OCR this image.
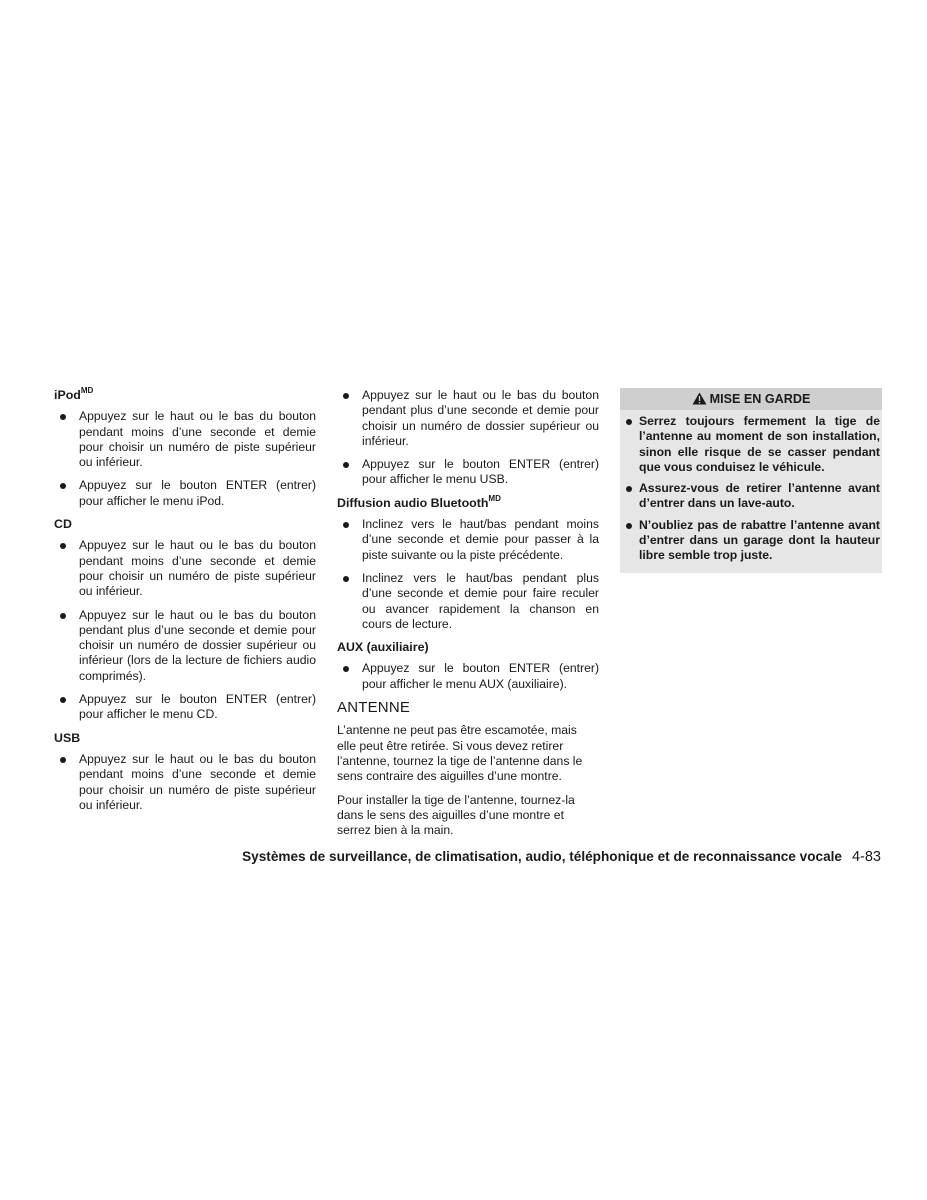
iPod$^{MD}$
Appuyez sur le haut ou le bas du bouton pendant moins d’une seconde et demie pour choisir un numéro de piste supérieur ou inférieur.
Appuyez sur le bouton ENTER (entrer) pour afficher le menu iPod.
CD
Appuyez sur le haut ou le bas du bouton pendant moins d’une seconde et demie pour choisir un numéro de piste supérieur ou inférieur.
Appuyez sur le haut ou le bas du bouton pendant plus d’une seconde et demie pour choisir un numéro de dossier supérieur ou inférieur (lors de la lecture de fichiers audio comprimés).
Appuyez sur le bouton ENTER (entrer) pour afficher le menu CD.
USB
Appuyez sur le haut ou le bas du bouton pendant moins d’une seconde et demie pour choisir un numéro de piste supérieur ou inférieur.
Appuyez sur le haut ou le bas du bouton pendant plus d’une seconde et demie pour choisir un numéro de dossier supérieur ou inférieur.
Appuyez sur le bouton ENTER (entrer) pour afficher le menu USB.
Diffusion audio Bluetooth$^{MD}$
Inclinez vers le haut/bas pendant moins d’une seconde et demie pour passer à la piste suivante ou la piste précédente.
Inclinez vers le haut/bas pendant plus d’une seconde et demie pour faire reculer ou avancer rapidement la chanson en cours de lecture.
AUX (auxiliaire)
Appuyez sur le bouton ENTER (entrer) pour afficher le menu AUX (auxiliaire).
ANTENNE

L’antenne ne peut pas être escamotée, mais elle peut être retirée. Si vous devez retirer l’antenne, tournez la tige de l’antenne dans le sens contraire des aiguilles d’une montre.

Pour installer la tige de l’antenne, tournez-la dans le sens des aiguilles d’une montre et serrez bien à la main.

MISE EN GARDE
Serrez toujours fermement la tige de l’antenne au moment de son installation, sinon elle risque de se casser pendant que vous conduisez le véhicule.
Assurez-vous de retirer l’antenne avant d’entrer dans un lave-auto.
N’oubliez pas de rabattre l’antenne avant d’entrer dans un garage dont la hauteur libre semble trop juste.
Systèmes de surveillance, de climatisation, audio, téléphonique et de reconnaissance vocale 4-83
